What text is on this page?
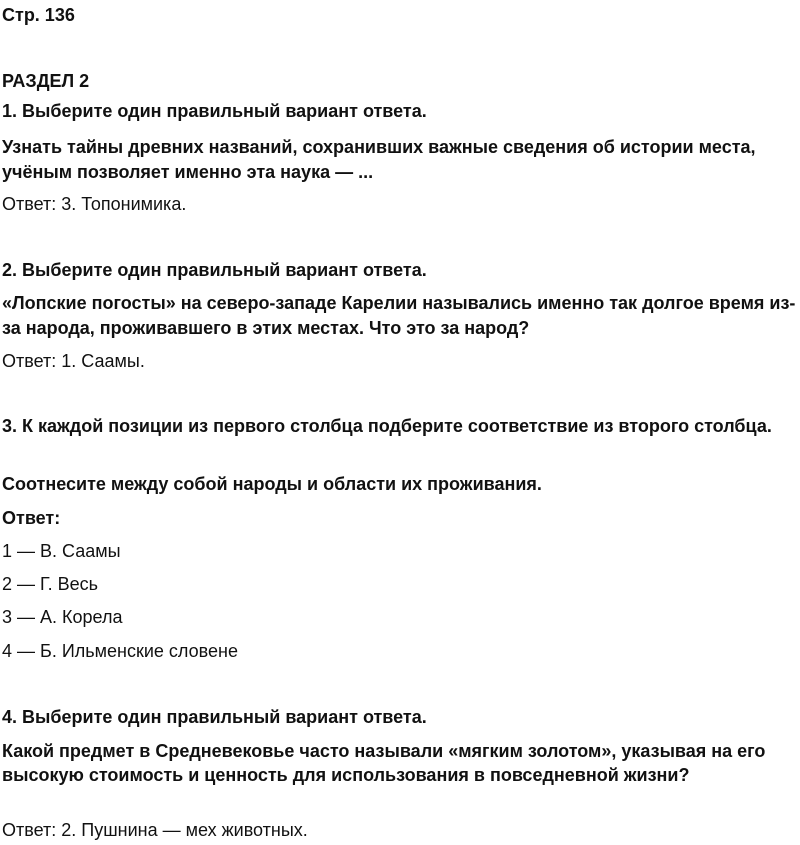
Стр. 136
РАЗДЕЛ 2
1. Выберите один правильный вариант ответа.
Узнать тайны древних названий, сохранивших важные сведения об истории места, учёным позволяет именно эта наука — ...
Ответ: 3. Топонимика.
2. Выберите один правильный вариант ответа.
«Лопские погосты» на северо-западе Карелии назывались именно так долгое время из-за народа, проживавшего в этих местах. Что это за народ?
Ответ: 1. Саамы.
3. К каждой позиции из первого столбца подберите соответствие из второго столбца.
Соотнесите между собой народы и области их проживания.
Ответ:
1 — В. Саамы
2 — Г. Весь
3 — А. Корела
4 — Б. Ильменские словене
4. Выберите один правильный вариант ответа.
Какой предмет в Средневековье часто называли «мягким золотом», указывая на его высокую стоимость и ценность для использования в повседневной жизни?
Ответ: 2. Пушнина — мех животных.
